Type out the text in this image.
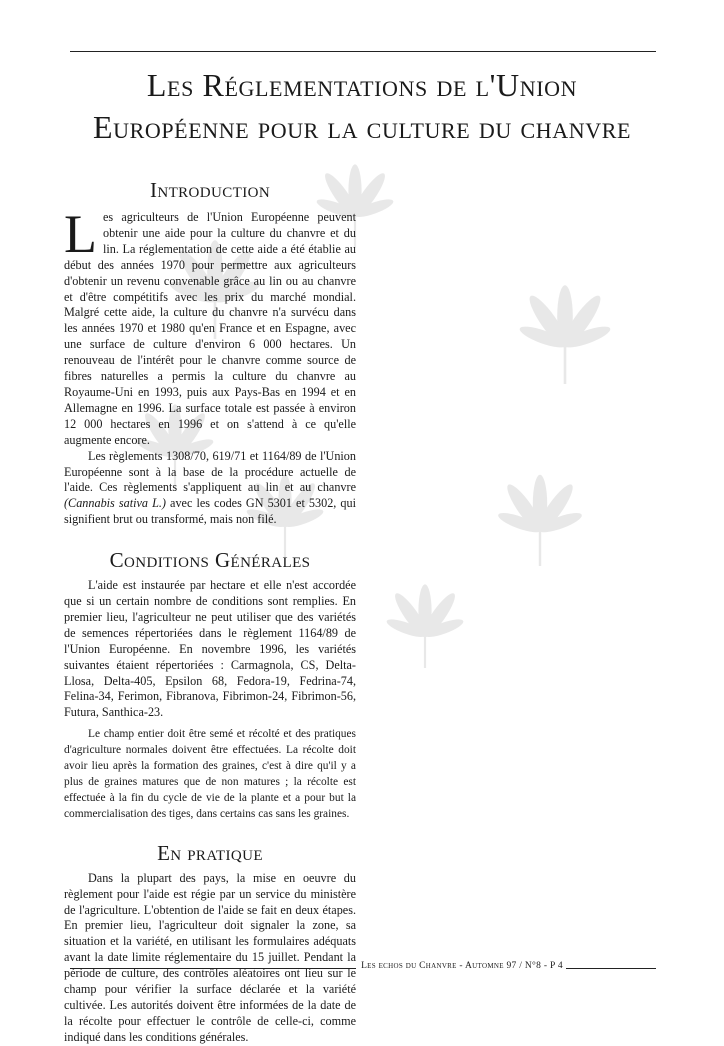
Les Réglementations de l'Union
Européenne pour la culture du chanvre
Introduction

Les agriculteurs de l'Union Européenne peuvent obtenir une aide pour la culture du chanvre et du lin. La réglementation de cette aide a été établie au début des années 1970 pour permettre aux agriculteurs d'obtenir un revenu convenable grâce au lin ou au chanvre et d'être compétitifs avec les prix du marché mondial. Malgré cette aide, la culture du chanvre n'a survécu dans les années 1970 et 1980 qu'en France et en Espagne, avec une surface de culture d'environ 6 000 hectares. Un renouveau de l'intérêt pour le chanvre comme source de fibres naturelles a permis la culture du chanvre au Royaume-Uni en 1993, puis aux Pays-Bas en 1994 et en Allemagne en 1996. La surface totale est passée à environ 12 000 hectares en 1996 et on s'attend à ce qu'elle augmente encore.

Les règlements 1308/70, 619/71 et 1164/89 de l'Union Européenne sont à la base de la procédure actuelle de l'aide. Ces règlements s'appliquent au lin et au chanvre (Cannabis sativa L.) avec les codes GN 5301 et 5302, qui signifient brut ou transformé, mais non filé.

Conditions Générales

L'aide est instaurée par hectare et elle n'est accordée que si un certain nombre de conditions sont remplies. En premier lieu, l'agriculteur ne peut utiliser que des variétés de semences répertoriées dans le règlement 1164/89 de l'Union Européenne. En novembre 1996, les variétés suivantes étaient répertoriées : Carmagnola, CS, Delta-Llosa, Delta-405, Epsilon 68, Fedora-19, Fedrina-74, Felina-34, Ferimon, Fibranova, Fibrimon-24, Fibrimon-56, Futura, Santhica-23.

Le champ entier doit être semé et récolté et des pratiques d'agriculture normales doivent être effectuées. La récolte doit avoir lieu après la formation des graines, c'est à dire qu'il y a plus de graines matures que de non matures ; la récolte est effectuée à la fin du cycle de vie de la plante et a pour but la commercialisation des tiges, dans certains cas sans les graines.

En pratique

Dans la plupart des pays, la mise en oeuvre du règlement pour l'aide est régie par un service du ministère de l'agriculture. L'obtention de l'aide se fait en deux étapes. En premier lieu, l'agriculteur doit signaler la zone, sa situation et la variété, en utilisant les formulaires adéquats avant la date limite réglementaire du 15 juillet. Pendant la période de culture, des contrôles aléatoires ont lieu sur le champ pour vérifier la surface déclarée et la variété cultivée. Les autorités doivent être informées de la date de la récolte pour effectuer le contrôle de celle-ci, comme indiqué dans les conditions générales.

Les echos du Chanvre - Automne 97 / N°8 - P 4
